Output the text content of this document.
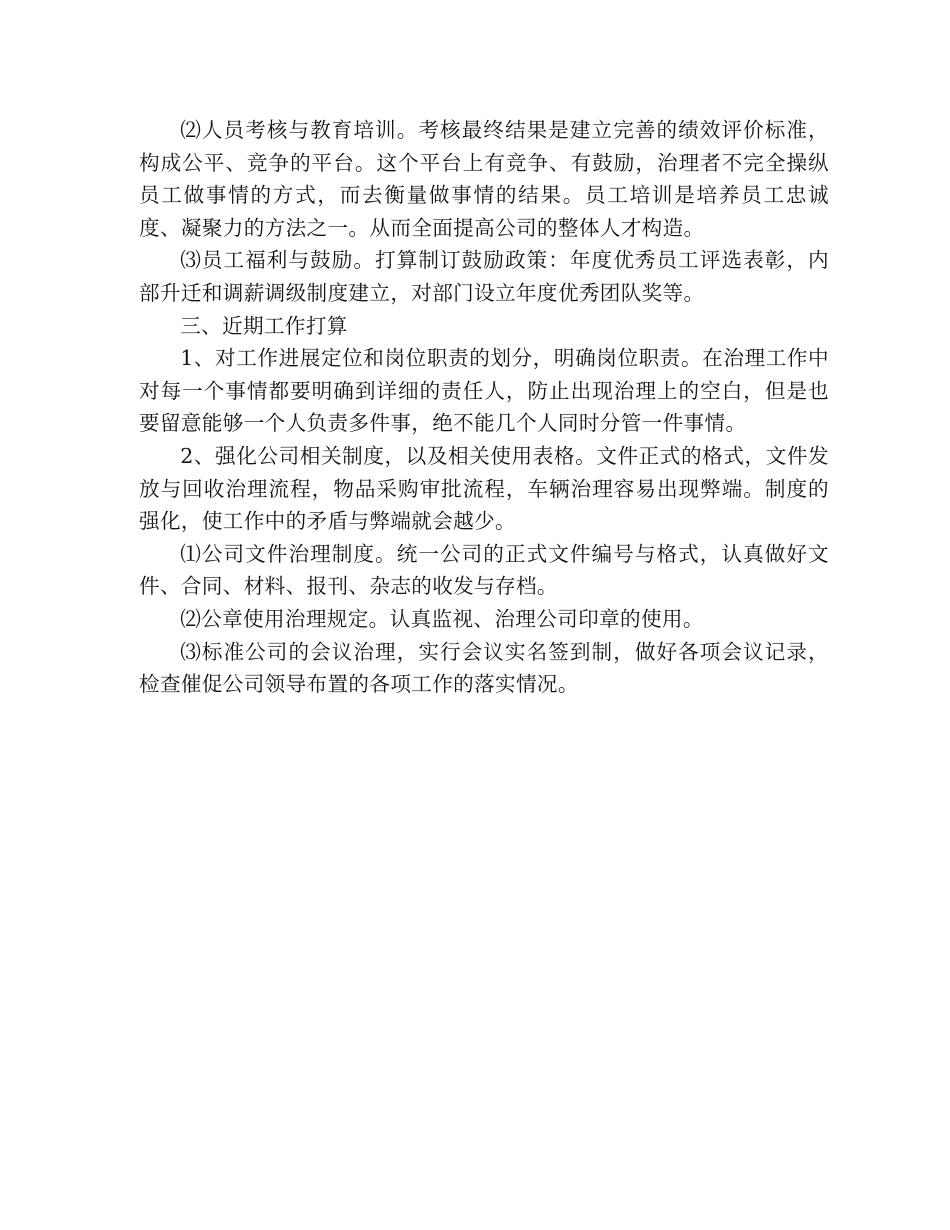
⑵人员考核与教育培训。考核最终结果是建立完善的绩效评价标准，构成公平、竞争的平台。这个平台上有竞争、有鼓励，治理者不完全操纵员工做事情的方式，而去衡量做事情的结果。员工培训是培养员工忠诚度、凝聚力的方法之一。从而全面提高公司的整体人才构造。

⑶员工福利与鼓励。打算制订鼓励政策：年度优秀员工评选表彰，内部升迁和调薪调级制度建立，对部门设立年度优秀团队奖等。

三、近期工作打算

1、对工作进展定位和岗位职责的划分，明确岗位职责。在治理工作中对每一个事情都要明确到详细的责任人，防止出现治理上的空白，但是也要留意能够一个人负责多件事，绝不能几个人同时分管一件事情。

2、强化公司相关制度，以及相关使用表格。文件正式的格式，文件发放与回收治理流程，物品采购审批流程，车辆治理容易出现弊端。制度的强化，使工作中的矛盾与弊端就会越少。

⑴公司文件治理制度。统一公司的正式文件编号与格式，认真做好文件、合同、材料、报刊、杂志的收发与存档。

⑵公章使用治理规定。认真监视、治理公司印章的使用。

⑶标准公司的会议治理，实行会议实名签到制，做好各项会议记录，检查催促公司领导布置的各项工作的落实情况。
